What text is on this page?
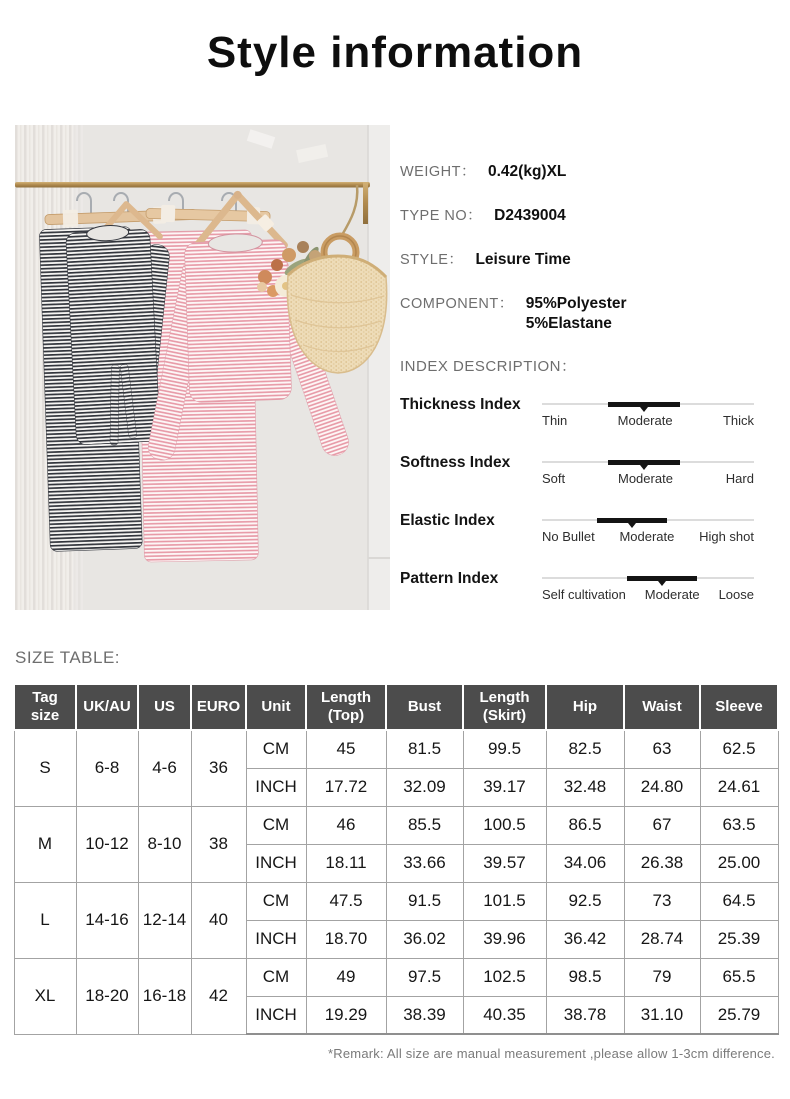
Style information
WEIGHT： 0.42(kg)XL
TYPE NO： D2439004
STYLE： Leisure Time
COMPONENT： 95%Polyester
5%Elastane
INDEX DESCRIPTION：
Thickness Index
Thin	Moderate	Thick
Softness Index
Soft	Moderate	Hard
Elastic Index
No Bullet Moderate High shot
Pattern Index
Self cultivation Moderate Loose
SIZE TABLE:
Tag size	UK/AU	US	EURO	Unit	Length (Top)	Bust	Length (Skirt)	Hip	Waist	Sleeve
S	6-8	4-6	36	CM	45	81.5	99.5	82.5	63	62.5
				INCH	17.72	32.09	39.17	32.48	24.80	24.61
M	10-12	8-10	38	CM	46	85.5	100.5	86.5	67	63.5
				INCH	18.11	33.66	39.57	34.06	26.38	25.00
L	14-16	12-14	40	CM	47.5	91.5	101.5	92.5	73	64.5
				INCH	18.70	36.02	39.96	36.42	28.74	25.39
XL	18-20	16-18	42	CM	49	97.5	102.5	98.5	79	65.5
				INCH	19.29	38.39	40.35	38.78	31.10	25.79
*Remark: All size are manual measurement ,please allow 1-3cm difference.
